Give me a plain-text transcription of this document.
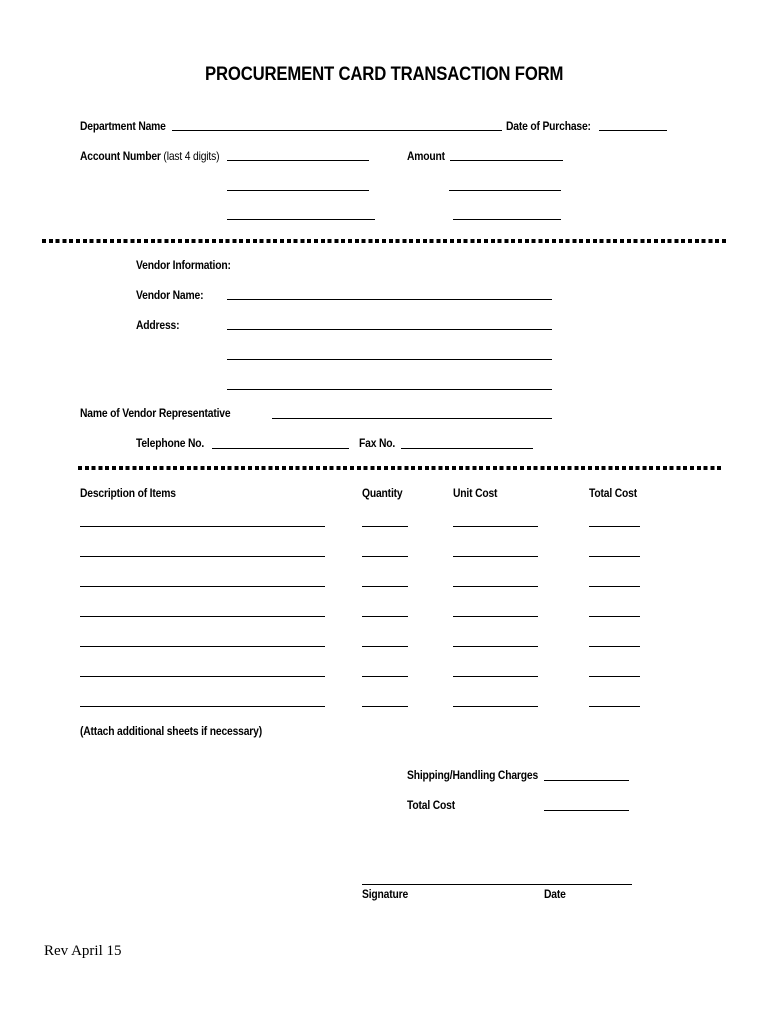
PROCUREMENT CARD TRANSACTION FORM
Department Name	Date of Purchase:
Account Number (last 4 digits)	Amount
Vendor Information:
Vendor Name:
Address:
Name of Vendor Representative
Telephone No.	Fax No.
Description of Items	Quantity	Unit Cost	Total Cost
(Attach additional sheets if necessary)
Shipping/Handling Charges
Total Cost
Signature	Date
Rev April 15
